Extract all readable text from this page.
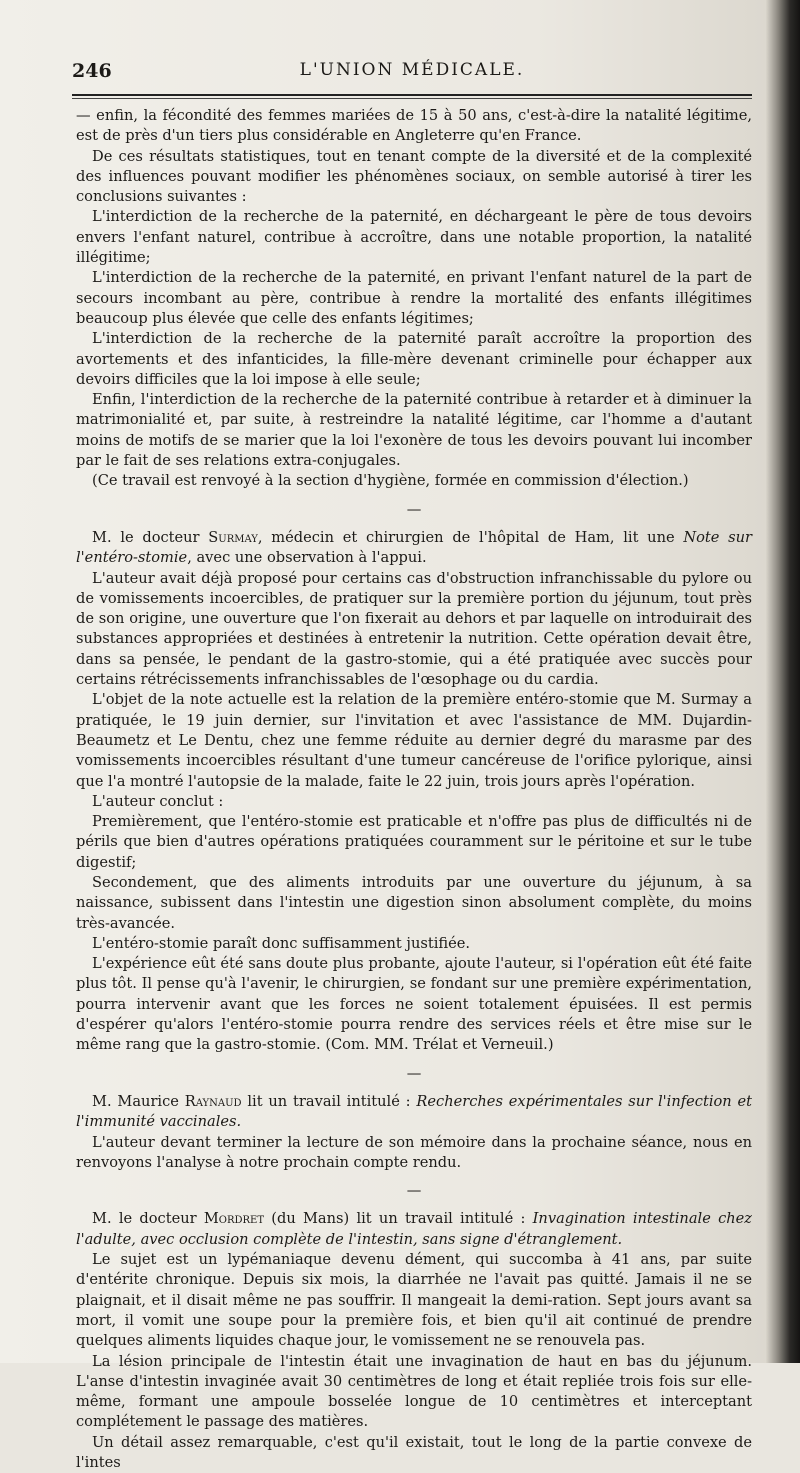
246	L'UNION MÉDICALE.

— enfin, la fécondité des femmes mariées de 15 à 50 ans, c'est-à-dire la natalité légitime, est de près d'un tiers plus considérable en Angleterre qu'en France.

De ces résultats statistiques, tout en tenant compte de la diversité et de la complexité des influences pouvant modifier les phénomènes sociaux, on semble autorisé à tirer les conclusions suivantes :

L'interdiction de la recherche de la paternité, en déchargeant le père de tous devoirs envers l'enfant naturel, contribue à accroître, dans une notable proportion, la natalité illégitime;

L'interdiction de la recherche de la paternité, en privant l'enfant naturel de la part de secours incombant au père, contribue à rendre la mortalité des enfants illégitimes beaucoup plus élevée que celle des enfants légitimes;

L'interdiction de la recherche de la paternité paraît accroître la proportion des avortements et des infanticides, la fille-mère devenant criminelle pour échapper aux devoirs difficiles que la loi impose à elle seule;

Enfin, l'interdiction de la recherche de la paternité contribue à retarder et à diminuer la matrimonialité et, par suite, à restreindre la natalité légitime, car l'homme a d'autant moins de motifs de se marier que la loi l'exonère de tous les devoirs pouvant lui incomber par le fait de ses relations extra-conjugales.

(Ce travail est renvoyé à la section d'hygiène, formée en commission d'élection.)

—

M. le docteur Surmay, médecin et chirurgien de l'hôpital de Ham, lit une Note sur l'entéro-stomie, avec une observation à l'appui.

L'auteur avait déjà proposé pour certains cas d'obstruction infranchissable du pylore ou de vomissements incoercibles, de pratiquer sur la première portion du jéjunum, tout près de son origine, une ouverture que l'on fixerait au dehors et par laquelle on introduirait des substances appropriées et destinées à entretenir la nutrition. Cette opération devait être, dans sa pensée, le pendant de la gastro-stomie, qui a été pratiquée avec succès pour certains rétrécissements infranchissables de l'œsophage ou du cardia.

L'objet de la note actuelle est la relation de la première entéro-stomie que M. Surmay a pratiquée, le 19 juin dernier, sur l'invitation et avec l'assistance de MM. Dujardin-Beaumetz et Le Dentu, chez une femme réduite au dernier degré du marasme par des vomissements incoercibles résultant d'une tumeur cancéreuse de l'orifice pylorique, ainsi que l'a montré l'autopsie de la malade, faite le 22 juin, trois jours après l'opération.

L'auteur conclut :

Premièrement, que l'entéro-stomie est praticable et n'offre pas plus de difficultés ni de périls que bien d'autres opérations pratiquées couramment sur le péritoine et sur le tube digestif;

Secondement, que des aliments introduits par une ouverture du jéjunum, à sa naissance, subissent dans l'intestin une digestion sinon absolument complète, du moins très-avancée.

L'entéro-stomie paraît donc suffisamment justifiée.

L'expérience eût été sans doute plus probante, ajoute l'auteur, si l'opération eût été faite plus tôt. Il pense qu'à l'avenir, le chirurgien, se fondant sur une première expérimentation, pourra intervenir avant que les forces ne soient totalement épuisées. Il est permis d'espérer qu'alors l'entéro-stomie pourra rendre des services réels et être mise sur le même rang que la gastro-stomie. (Com. MM. Trélat et Verneuil.)

—

M. Maurice Raynaud lit un travail intitulé : Recherches expérimentales sur l'infection et l'immunité vaccinales.

L'auteur devant terminer la lecture de son mémoire dans la prochaine séance, nous en renvoyons l'analyse à notre prochain compte rendu.

—

M. le docteur Mordret (du Mans) lit un travail intitulé : Invagination intestinale chez l'adulte, avec occlusion complète de l'intestin, sans signe d'étranglement.

Le sujet est un lypémaniaque devenu dément, qui succomba à 41 ans, par suite d'entérite chronique. Depuis six mois, la diarrhée ne l'avait pas quitté. Jamais il ne se plaignait, et il disait même ne pas souffrir. Il mangeait la demi-ration. Sept jours avant sa mort, il vomit une soupe pour la première fois, et bien qu'il ait continué de prendre quelques aliments liquides chaque jour, le vomissement ne se renouvela pas.

La lésion principale de l'intestin était une invagination de haut en bas du jéjunum. L'anse d'intestin invaginée avait 30 centimètres de long et était repliée trois fois sur elle-même, formant une ampoule bosselée longue de 10 centimètres et interceptant complétement le passage des matières.

Un détail assez remarquable, c'est qu'il existait, tout le long de la partie convexe de l'intes
